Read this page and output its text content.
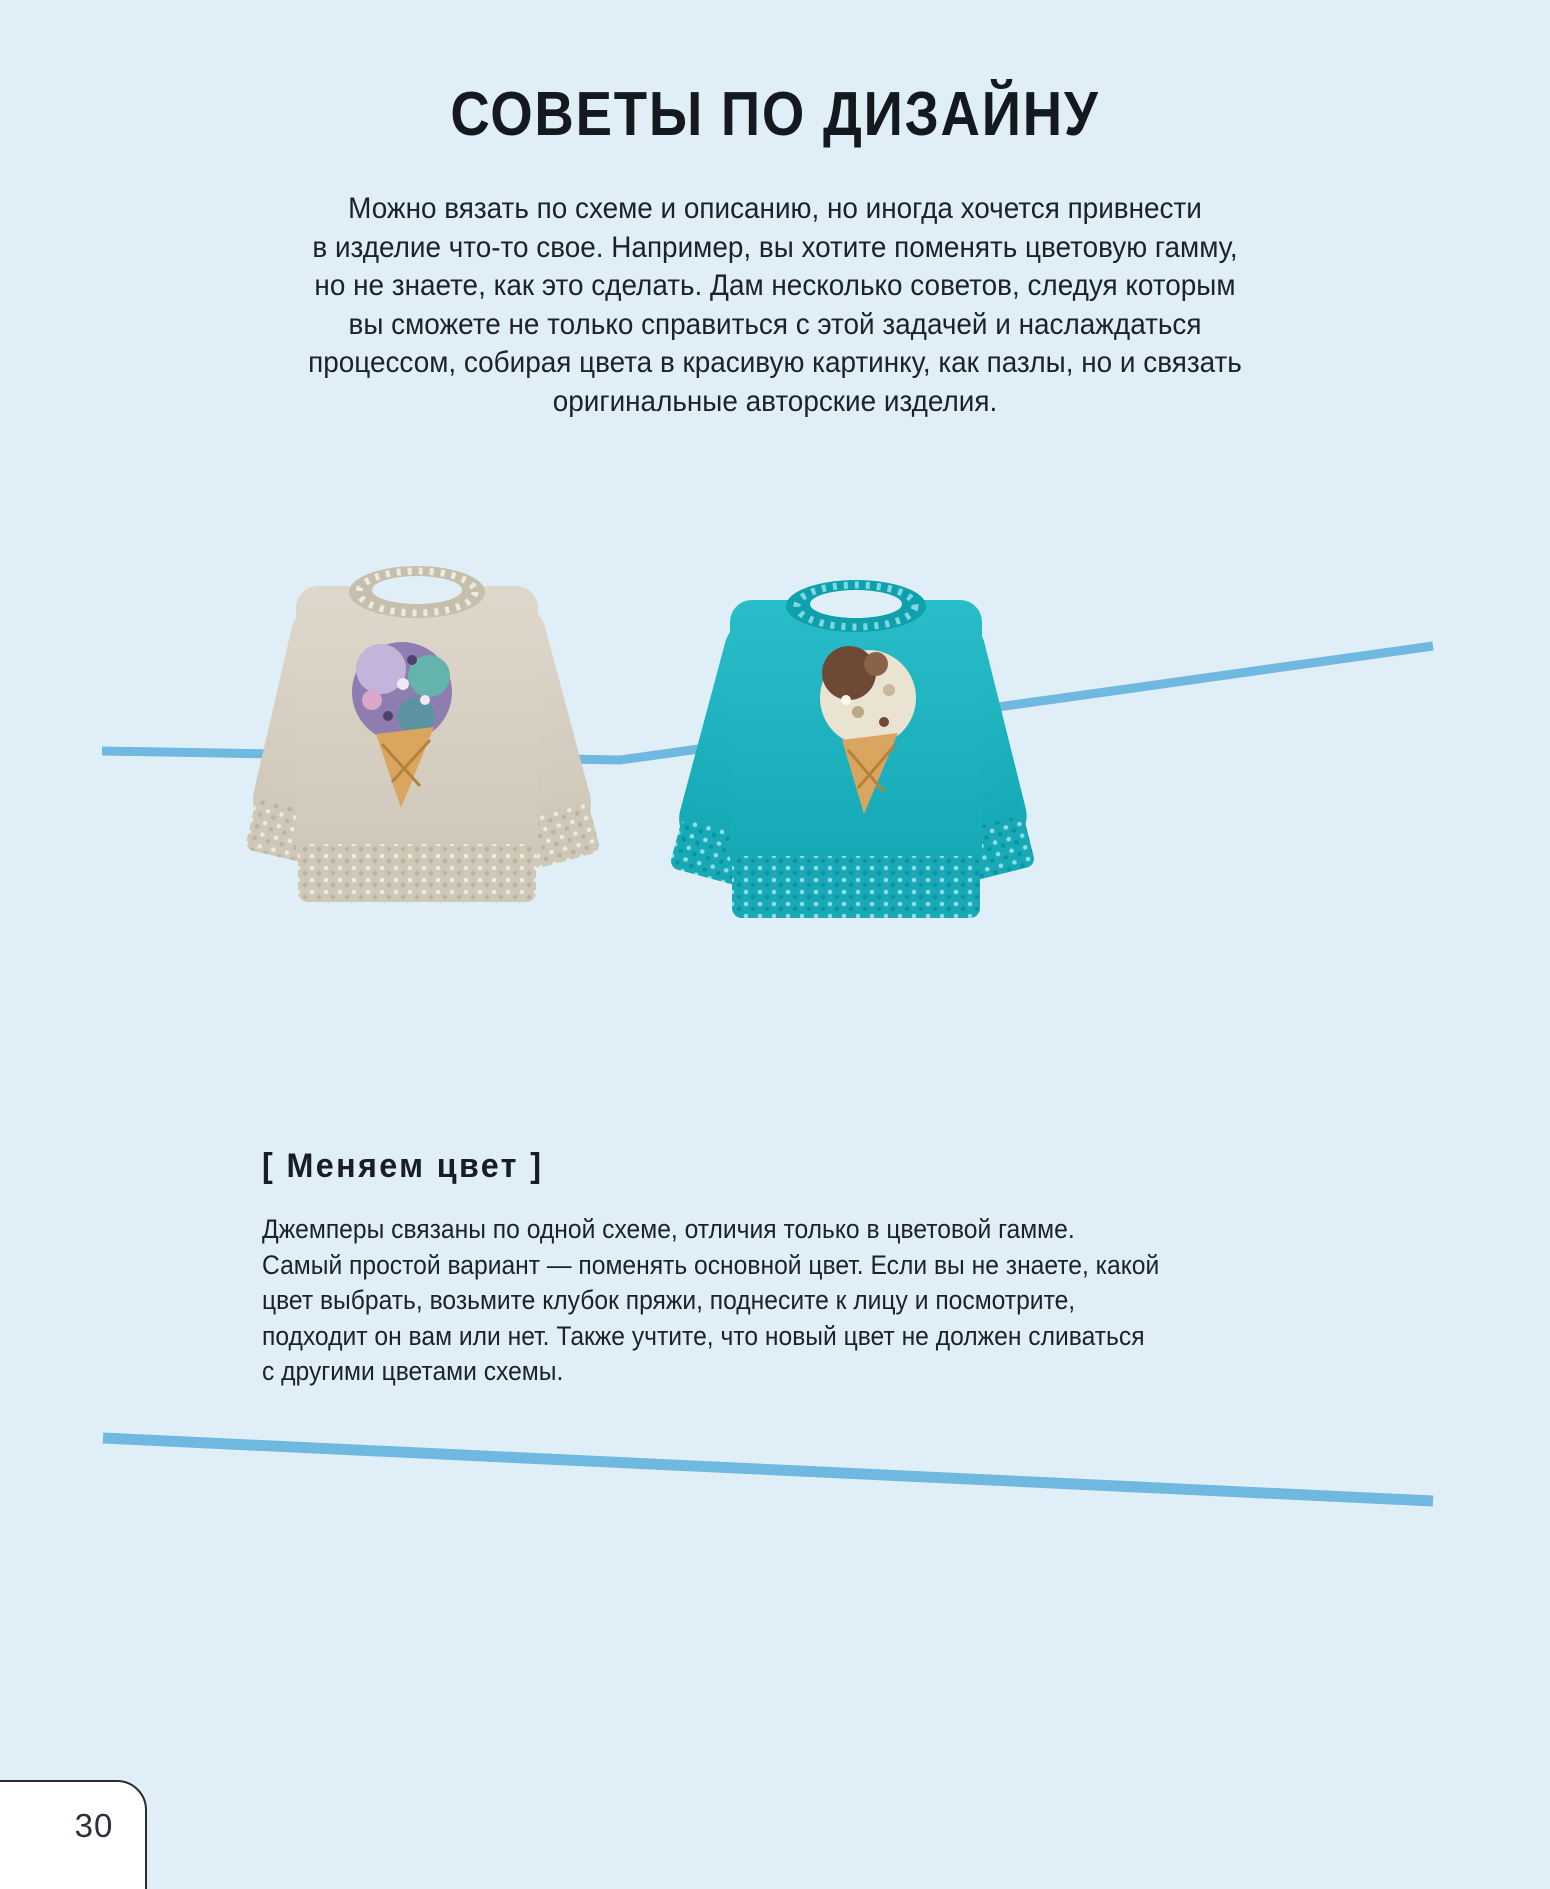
СОВЕТЫ ПО ДИЗАЙНУ
Можно вязать по схеме и описанию, но иногда хочется привнести
в изделие что-то свое. Например, вы хотите поменять цветовую гамму,
но не знаете, как это сделать. Дам несколько советов, следуя которым
вы сможете не только справиться с этой задачей и наслаждаться
процессом, собирая цвета в красивую картинку, как пазлы, но и связать
оригинальные авторские изделия.
[ Меняем цвет ]
Джемперы связаны по одной схеме, отличия только в цветовой гамме.
Самый простой вариант — поменять основной цвет. Если вы не знаете, какой
цвет выбрать, возьмите клубок пряжи, поднесите к лицу и посмотрите,
подходит он вам или нет. Также учтите, что новый цвет не должен сливаться
с другими цветами схемы.
30
